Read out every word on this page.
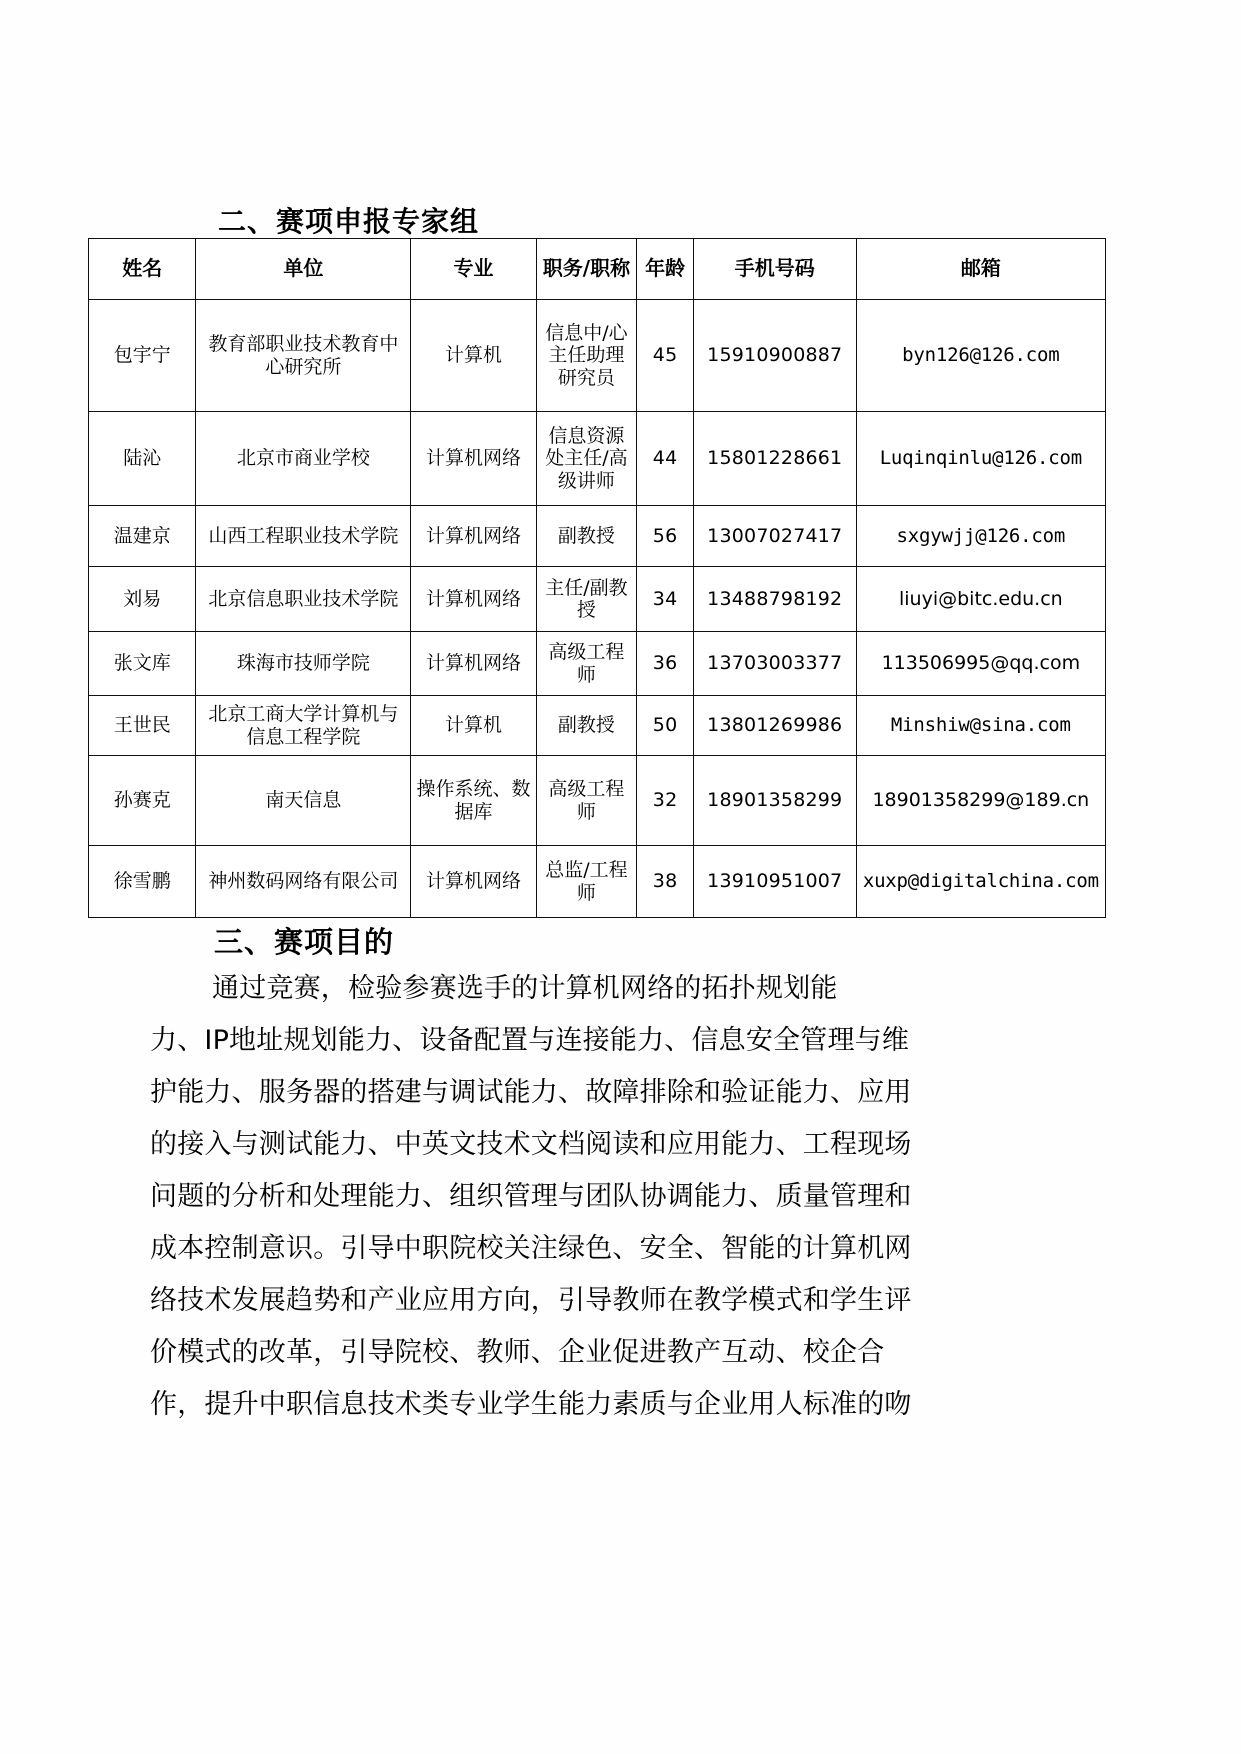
二、赛项申报专家组
姓名	单位	专业	职务/职称	年龄	手机号码	邮箱
包宇宁	教育部职业技术教育中心研究所	计算机	信息中/心主任助理研究员	45	15910900887	byn126@126.com
陆沁	北京市商业学校	计算机网络	信息资源处主任/高级讲师	44	15801228661	Luqinqinlu@126.com
温建京	山西工程职业技术学院	计算机网络	副教授	56	13007027417	sxgywjj@126.com
刘易	北京信息职业技术学院	计算机网络	主任/副教授	34	13488798192	liuyi@bitc.edu.cn
张文库	珠海市技师学院	计算机网络	高级工程师	36	13703003377	113506995@qq.com
王世民	北京工商大学计算机与信息工程学院	计算机	副教授	50	13801269986	Minshiw@sina.com
孙赛克	南天信息	操作系统、数据库	高级工程师	32	18901358299	18901358299@189.cn
徐雪鹏	神州数码网络有限公司	计算机网络	总监/工程师	38	13910951007	xuxp@digitalchina.com
三、赛项目的
通过竞赛，检验参赛选手的计算机网络的拓扑规划能
力、IP地址规划能力、设备配置与连接能力、信息安全管理与维
护能力、服务器的搭建与调试能力、故障排除和验证能力、应用
的接入与测试能力、中英文技术文档阅读和应用能力、工程现场
问题的分析和处理能力、组织管理与团队协调能力、质量管理和
成本控制意识。引导中职院校关注绿色、安全、智能的计算机网
络技术发展趋势和产业应用方向，引导教师在教学模式和学生评
价模式的改革，引导院校、教师、企业促进教产互动、校企合
作，提升中职信息技术类专业学生能力素质与企业用人标准的吻
